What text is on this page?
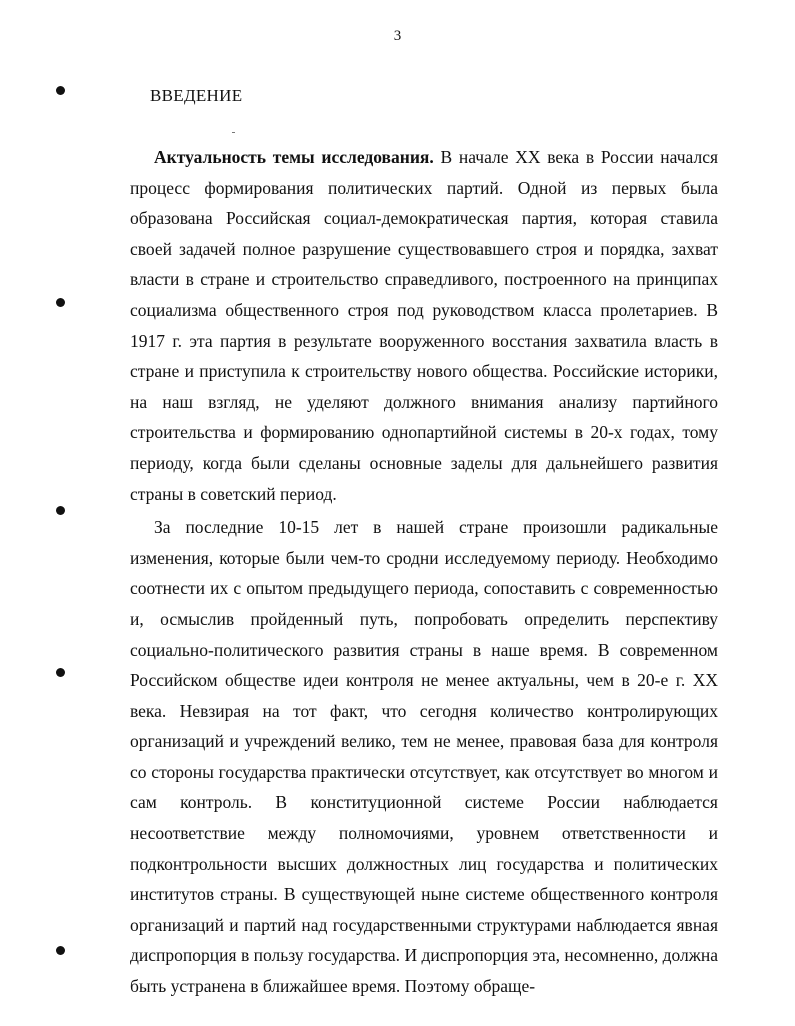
3
ВВЕДЕНИЕ

Актуальность темы исследования. В начале XX века в России начался процесс формирования политических партий. Одной из первых была образована Российская социал-демократическая партия, которая ставила своей задачей полное разрушение существовавшего строя и порядка, захват власти в стране и строительство справедливого, построенного на принципах социализма общественного строя под руководством класса пролетариев. В 1917 г. эта партия в результате вооруженного восстания захватила власть в стране и приступила к строительству нового общества. Российские историки, на наш взгляд, не уделяют должного внимания анализу партийного строительства и формированию однопартийной системы в 20-х годах, тому периоду, когда были сделаны основные заделы для дальнейшего развития страны в советский период.

За последние 10-15 лет в нашей стране произошли радикальные изменения, которые были чем-то сродни исследуемому периоду. Необходимо соотнести их с опытом предыдущего периода, сопоставить с современностью и, осмыслив пройденный путь, попробовать определить перспективу социально-политического развития страны в наше время. В современном Российском обществе идеи контроля не менее актуальны, чем в 20-е г. XX века. Невзирая на тот факт, что сегодня количество контролирующих организаций и учреждений велико, тем не менее, правовая база для контроля со стороны государства практически отсутствует, как отсутствует во многом и сам контроль. В конституционной системе России наблюдается несоответствие между полномочиями, уровнем ответственности и подконтрольности высших должностных лиц государства и политических институтов страны. В существующей ныне системе общественного контроля организаций и партий над государственными структурами наблюдается явная диспропорция в пользу государства. И диспропорция эта, несомненно, должна быть устранена в ближайшее время. Поэтому обраще-
